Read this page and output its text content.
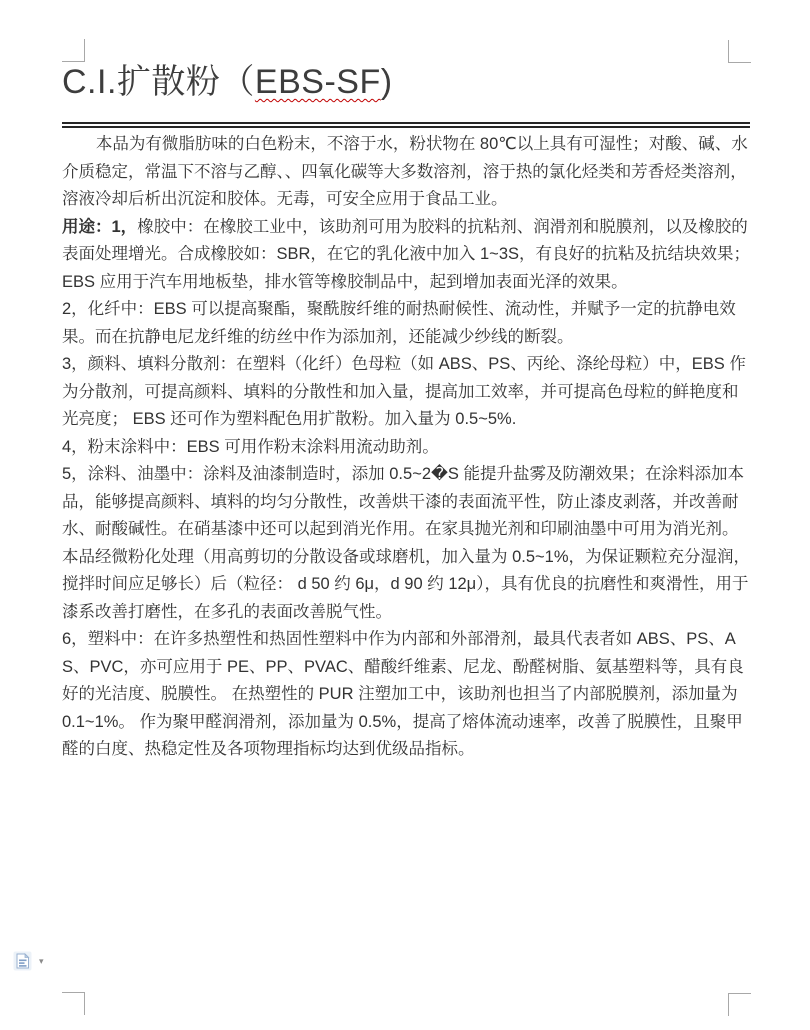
C.I.扩散粉（EBS-SF)

本品为有微脂肪味的白色粉末，不溶于水，粉状物在 80℃以上具有可湿性；对酸、碱、水介质稳定，常温下不溶与乙醇、、四氧化碳等大多数溶剂，溶于热的氯化烃类和芳香烃类溶剂，溶液冷却后析出沉淀和胶体。无毒，可安全应用于食品工业。

用途：1，橡胶中：在橡胶工业中，该助剂可用为胶料的抗粘剂、润滑剂和脱膜剂，以及橡胶的表面处理增光。合成橡胶如：SBR，在它的乳化液中加入 1~3S，有良好的抗粘及抗结块效果；EBS 应用于汽车用地板垫，排水管等橡胶制品中，起到增加表面光泽的效果。

2，化纤中：EBS 可以提高聚酯，聚酰胺纤维的耐热耐候性、流动性，并赋予一定的抗静电效果。而在抗静电尼龙纤维的纺丝中作为添加剂，还能减少纱线的断裂。

3，颜料、填料分散剂：在塑料（化纤）色母粒（如 ABS、PS、丙纶、涤纶母粒）中，EBS 作为分散剂，可提高颜料、填料的分散性和加入量，提高加工效率，并可提高色母粒的鲜艳度和光亮度； EBS 还可作为塑料配色用扩散粉。加入量为 0.5~5%.

4，粉末涂料中：EBS 可用作粉末涂料用流动助剂。

5，涂料、油墨中：涂料及油漆制造时，添加 0.5~2�S 能提升盐雾及防潮效果；在涂料添加本品，能够提高颜料、填料的均匀分散性，改善烘干漆的表面流平性，防止漆皮剥落，并改善耐水、耐酸碱性。在硝基漆中还可以起到消光作用。在家具抛光剂和印刷油墨中可用为消光剂。

本品经微粉化处理（用高剪切的分散设备或球磨机，加入量为 0.5~1%，为保证颗粒充分湿润，搅拌时间应足够长）后（粒径： d 50 约 6μ，d 90 约 12μ），具有优良的抗磨性和爽滑性，用于漆系改善打磨性，在多孔的表面改善脱气性。

6，塑料中：在许多热塑性和热固性塑料中作为内部和外部滑剂，最具代表者如 ABS、PS、AS、PVC，亦可应用于 PE、PP、PVAC、醋酸纤维素、尼龙、酚醛树脂、氨基塑料等，具有良好的光洁度、脱膜性。 在热塑性的 PUR 注塑加工中，该助剂也担当了内部脱膜剂，添加量为 0.1~1%。 作为聚甲醛润滑剂，添加量为 0.5%，提高了熔体流动速率，改善了脱膜性，且聚甲醛的白度、热稳定性及各项物理指标均达到优级品指标。

▾
